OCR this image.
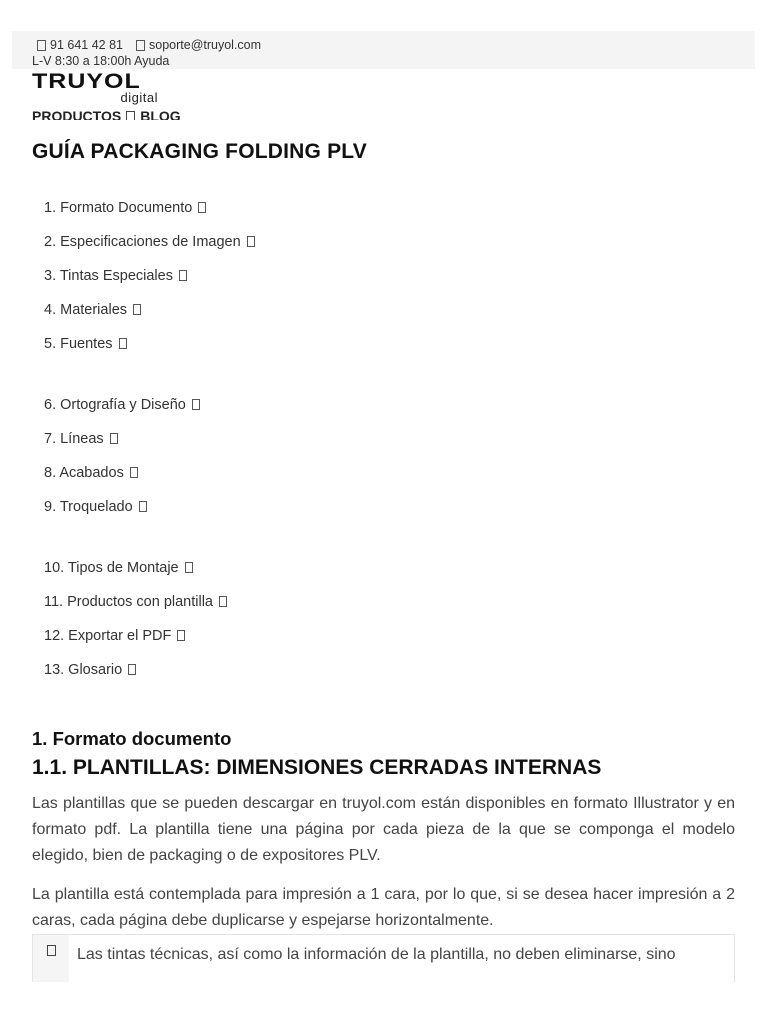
91 641 42 81 soporte@truyol.com
L-V 8:30 a 18:00h Ayuda
TRUYOL
digital
PRODUCTOS BLOG
GUÍA PACKAGING FOLDING PLV
1. Formato Documento
2. Especificaciones de Imagen
3. Tintas Especiales
4. Materiales
5. Fuentes
6. Ortografía y Diseño
7. Líneas
8. Acabados
9. Troquelado
10. Tipos de Montaje
11. Productos con plantilla
12. Exportar el PDF
13. Glosario
1. Formato documento
1.1. PLANTILLAS: DIMENSIONES CERRADAS INTERNAS

Las plantillas que se pueden descargar en truyol.com están disponibles en formato Illustrator y en formato pdf. La plantilla tiene una página por cada pieza de la que se componga el modelo elegido, bien de packaging o de expositores PLV.

La plantilla está contemplada para impresión a 1 cara, por lo que, si se desea hacer impresión a 2 caras, cada página debe duplicarse y espejarse horizontalmente.

Las tintas técnicas, así como la información de la plantilla, no deben eliminarse, sino
